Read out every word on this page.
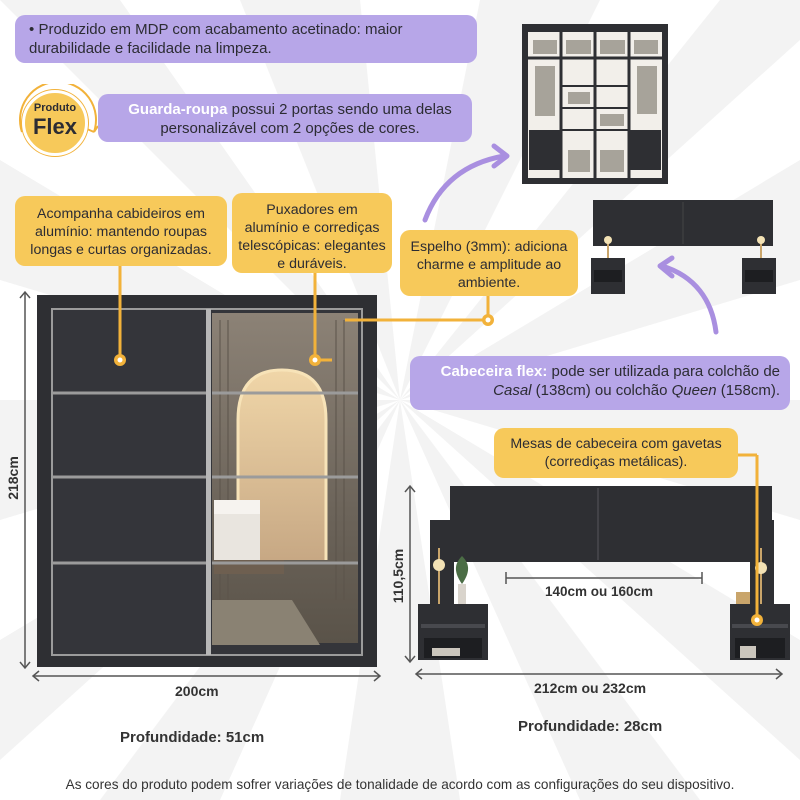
• Produzido em MDP com acabamento acetinado: maior durabilidade e facilidade na limpeza.
Produto
Flex
Guarda-roupa possui 2 portas sendo uma delas personalizável com 2 opções de cores.
Acompanha cabideiros em alumínio: mantendo roupas longas e curtas organizadas.
Puxadores em alumínio e corrediças telescópicas: elegantes e duráveis.
Espelho (3mm): adiciona charme e amplitude ao ambiente.
Cabeceira flex: pode ser utilizada para colchão de Casal (138cm) ou colchão Queen (158cm).
Mesas de cabeceira com gavetas (corrediças metálicas).
218cm
200cm
Profundidade: 51cm
110,5cm	140cm ou 160cm
212cm ou 232cm
Profundidade: 28cm
As cores do produto podem sofrer variações de tonalidade de acordo com as configurações do seu dispositivo.
